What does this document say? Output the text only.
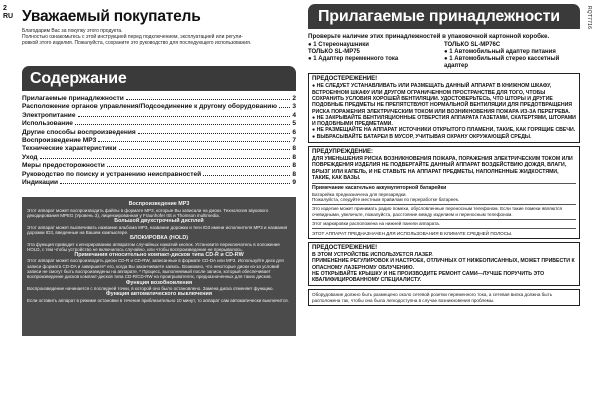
2
RU	RQT7716
Уважаемый покупатель
Благодарим Вас за покупку этого продукта.
Полностью ознакомьтесь с этой инструкцией перед подключением, эксплуатацией или регули-
ровкой этого изделия. Пожалуйста, сохраните это руководство для последующего использования.
Содержание
Прилагаемые принадлежности	2
Расположение органов управления/Подсоединение к другому оборудованию 3
Электропитание	4
Использование	5
Другие способы воспроизведения	6
Воспроизведение MP3	7
Технические характеристики	8
Уход	8
Меры предосторожности	8
Руководство по поиску и устранению неисправностей	8
Индикации	9
Воспроизведение MP3
Этот аппарат может воспроизводить файлы в формате MP3, которые Вы записали на диски. Технология звукового декодирования MPEG (Уровень 3), лицензированная у Fraunhofer IIS и Thomson multimedia.
Большой двухстрочный дисплей
Этот аппарат может высвечивать название альбома MP3, название дорожки и теги ID3 имени исполнителя MP3 и названия дорожки ID3, введенные на Вашем компьютере.
БЛОКИРОВКА (HOLD)
Эта функция приводит к игнорированию аппаратом случайных нажатий кнопок. Установите переключатель в положение HOLD, с тем чтобы устройство не включилось случайно, или чтобы воспроизведение не прерывалось.
Примечания относительно компакт-дисков типа CD-R и CD-RW
Этот аппарат может воспроизводить диски CD-R и CD-RW, записанные в формате CD-DA или MP3. Используйте диск для записи формата CD-DA и завершите* его, когда Вы заканчиваете запись. Возможно, что некоторые диски из-за условий записи не смогут быть воспроизведены на аппарате. * Процесс, выполняемый после записи, который обеспечивает воспроизведение дисков компакт-дисков типа CD-R/CD-RW на проигрывателях, предназначенных для таких дисков.
Функция возобновления
Воспроизведение начинается с последней точки, в которой оно было остановлено. Замена диска отменяет функцию.
Функция автоматического выключения
Если оставить аппарат в режиме остановки в течение приблизительно 10 минут, то аппарат сам автоматически выключится.
Прилагаемые принадлежности
Проверьте наличие этих принадлежностей в упаковочной картонной коробке.
● 1 Стереонаушники
ТОЛЬКО SL-MP75
● 1 Адаптер переменного тока
ТОЛЬКО SL-MP76C
● 1 Автомобильный адаптер питания
● 1 Автомобильный стерео кассетный адаптер
ПРЕДОСТЕРЕЖЕНИЕ!
● НЕ СЛЕДУЕТ УСТАНАВЛИВАТЬ ИЛИ РАЗМЕЩАТЬ ДАННЫЙ АППАРАТ В КНИЖНОМ ШКАФУ, ВСТРОЕННОМ ШКАФУ ИЛИ ДРУГОМ ОГРАНИЧЕННОМ ПРОСТРАНСТВЕ ДЛЯ ТОГО, ЧТОБЫ СОХРАНИТЬ УСЛОВИЯ ХОРОШЕЙ ВЕНТИЛЯЦИИ. УДОСТОВЕРЬТЕСЬ, ЧТО ШТОРЫ И ДРУГИЕ ПОДОБНЫЕ ПРЕДМЕТЫ НЕ ПРЕПЯТСТВУЮТ НОРМАЛЬНОЙ ВЕНТИЛЯЦИИ ДЛЯ ПРЕДОТВРАЩЕНИЯ РИСКА ПОРАЖЕНИЯ ЭЛЕКТРИЧЕСКИМ ТОКОМ ИЛИ ВОЗНИКНОВЕНИЯ ПОЖАРА ИЗ-ЗА ПЕРЕГРЕВА.
● НЕ ЗАКРЫВАЙТЕ ВЕНТИЛЯЦИОННЫЕ ОТВЕРСТИЯ АППАРАТА ГАЗЕТАМИ, СКАТЕРТЯМИ, ШТОРАМИ И ПОДОБНЫМИ ПРЕДМЕТАМИ.
● НЕ РАЗМЕЩАЙТЕ НА АППАРАТ ИСТОЧНИКИ ОТКРЫТОГО ПЛАМЕНИ, ТАКИЕ, КАК ГОРЯЩИЕ СВЕЧИ.
● ВЫБРАСЫВАЙТЕ БАТАРЕИ В МУСОР, УЧИТЫВАЯ ОХРАНУ ОКРУЖАЮЩЕЙ СРЕДЫ.
ПРЕДУПРЕЖДЕНИЕ:
ДЛЯ УМЕНЬШЕНИЯ РИСКА ВОЗНИКНОВЕНИЯ ПОЖАРА, ПОРАЖЕНИЯ ЭЛЕКТРИЧЕСКИМ ТОКОМ ИЛИ ПОВРЕЖДЕНИЯ ИЗДЕЛИЯ НЕ ПОДВЕРГАЙТЕ ДАННЫЙ АППАРАТ ВОЗДЕЙСТВИЮ ДОЖДЯ, ВЛАГИ, БРЫЗГ ИЛИ КАПЕЛЬ, И НЕ СТАВЬТЕ НА АППАРАТ ПРЕДМЕТЫ, НАПОЛНЕННЫЕ ЖИДКОСТЯМИ, ТАКИЕ, КАК ВАЗЫ.
Примечание касательно аккумуляторной батарейки
Батарейка предназначена для перезарядки.
Пожалуйста, следуйте местным правилам по переработке батареек.
Это изделие может принимать радио помехи, обусловленные переносным телефоном. Если такие помехи являются очевидными, увеличьте, пожалуйста, расстояние между изделием и переносным телефоном.
Этот маркировки расположена на нижней панели аппарата.
ЭТОТ АППАРАТ ПРЕДНАЗНАЧЕН ДЛЯ ИСПОЛЬЗОВАНИЯ В КЛИМАТЕ СРЕДНЕЙ ПОЛОСЫ.
ПРЕДОСТЕРЕЖЕНИЕ!
В ЭТОМ УСТРОЙСТВЕ ИСПОЛЬЗУЕТСЯ ЛАЗЕР.
ПРИМЕНЕНИЕ РЕГУЛИРОВОК И НАСТРОЕК, ОТЛИЧНЫХ ОТ НИЖЕОПИСАННЫХ, МОЖЕТ ПРИВЕСТИ К ОПАСНОМУ ЛАЗЕРНОМУ ОБЛУЧЕНИЮ.
НЕ ОТКРЫВАЙТЕ КРЫШКУ И НЕ ПРОИЗВОДИТЕ РЕМОНТ САМИ—ЛУЧШЕ ПОРУЧИТЬ ЭТО КВАЛИФИЦИРОВАННОМУ СПЕЦИАЛИСТУ.
Оборудование должно быть размещено около сетевой розетки переменного тока, а сетевая вилка должна быть расположена так, чтобы она была легкодоступна в случае возникновения проблемы.
